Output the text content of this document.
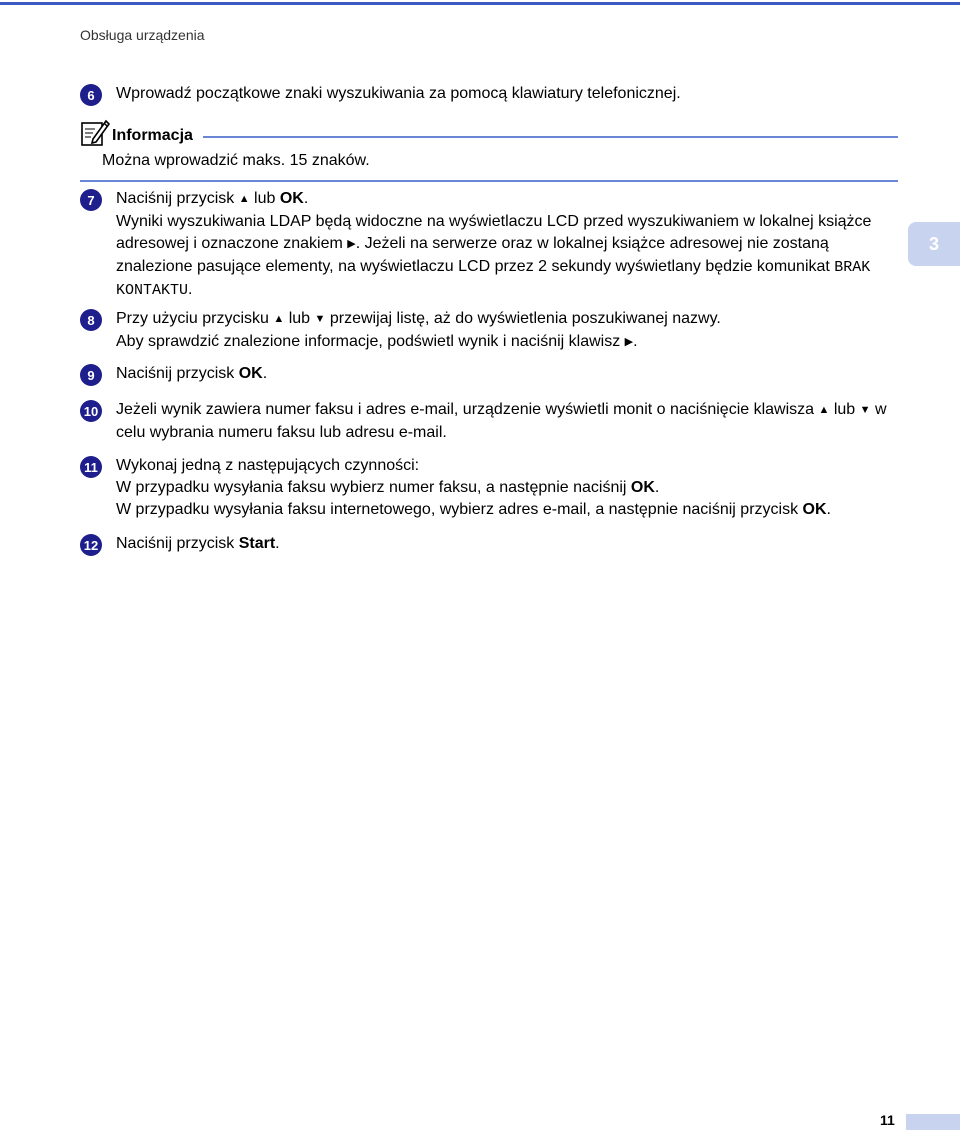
Obsługa urządzenia
6	Wprowadź początkowe znaki wyszukiwania za pomocą klawiatury telefonicznej.

Informacja
Można wprowadzić maks. 15 znaków.
7	Naciśnij przycisk ▲ lub OK.

Wyniki wyszukiwania LDAP będą widoczne na wyświetlaczu LCD przed wyszukiwaniem w lokalnej książce adresowej i oznaczone znakiem ▶. Jeżeli na serwerze oraz w lokalnej książce adresowej nie zostaną znalezione pasujące elementy, na wyświetlaczu LCD przez 2 sekundy wyświetlany będzie komunikat BRAK KONTAKTU.

8	Przy użyciu przycisku ▲ lub ▼ przewijaj listę, aż do wyświetlenia poszukiwanej nazwy.

Aby sprawdzić znalezione informacje, podświetl wynik i naciśnij klawisz ▶.

9	Naciśnij przycisk OK.

10 Jeżeli wynik zawiera numer faksu i adres e-mail, urządzenie wyświetli monit o naciśnięcie klawisza ▲ lub ▼ w celu wybrania numeru faksu lub adresu e-mail.

11 Wykonaj jedną z następujących czynności:

W przypadku wysyłania faksu wybierz numer faksu, a następnie naciśnij OK.

W przypadku wysyłania faksu internetowego, wybierz adres e-mail, a następnie naciśnij przycisk OK.

12 Naciśnij przycisk Start.

3
11
